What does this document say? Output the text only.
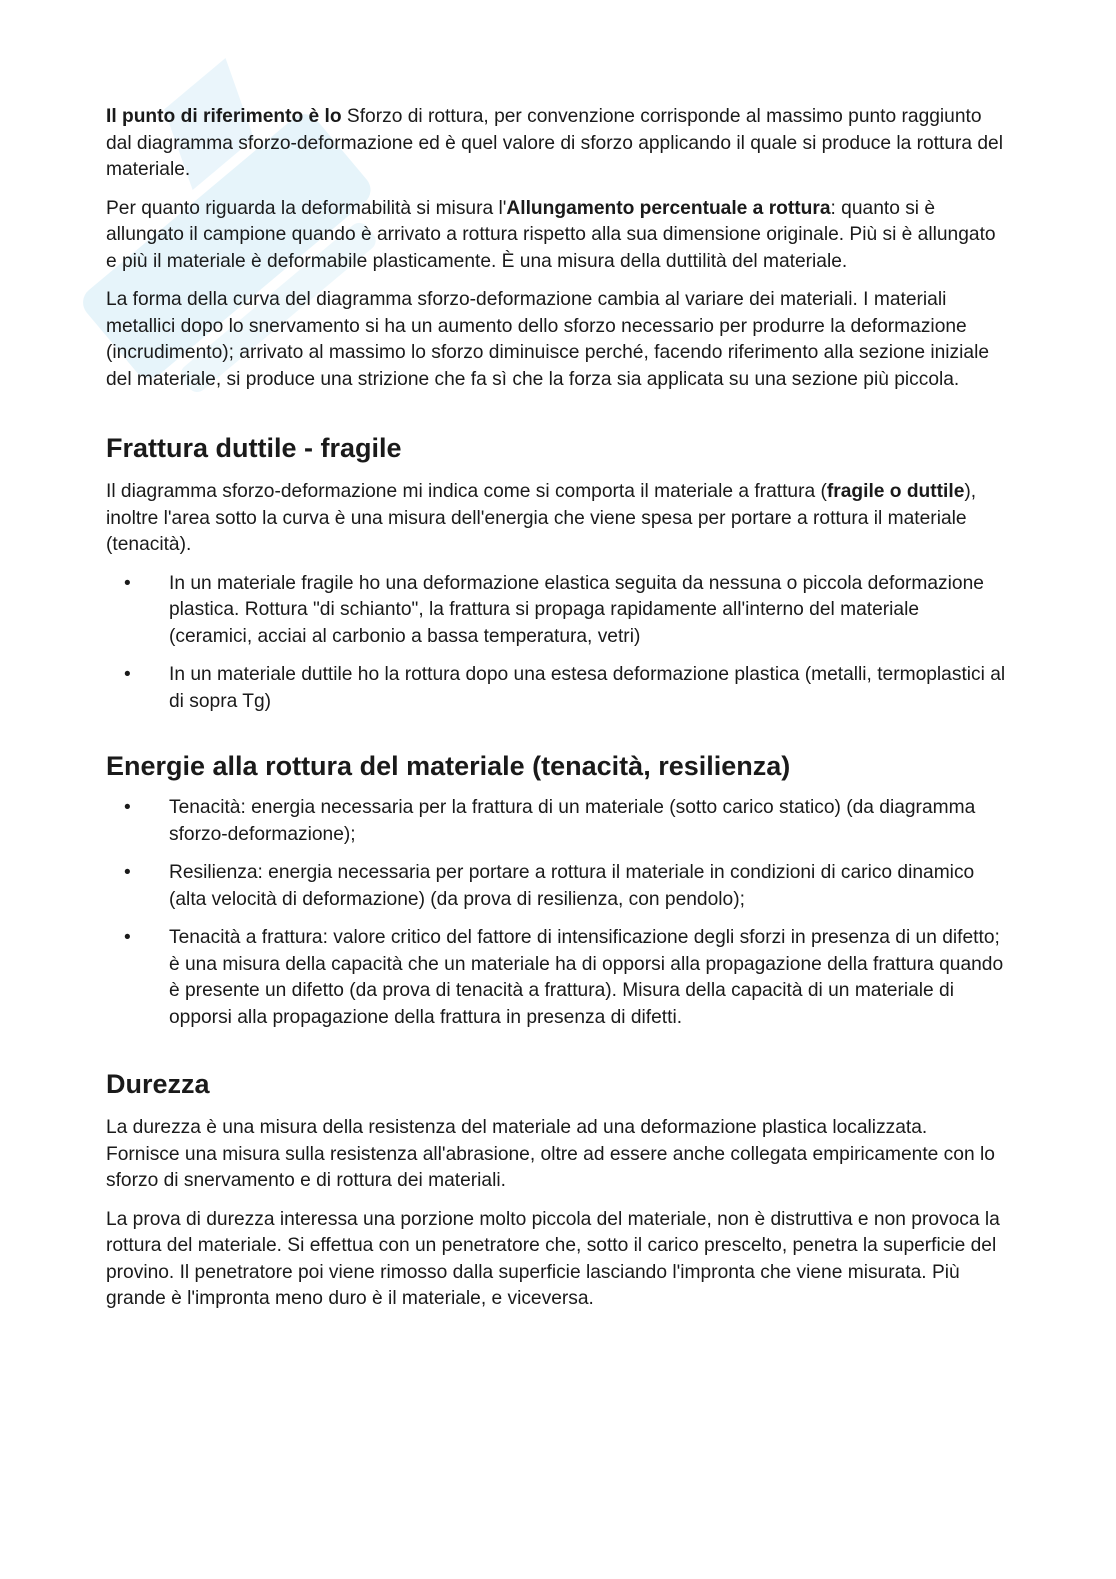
Il punto di riferimento è lo Sforzo di rottura, per convenzione corrisponde al massimo punto raggiunto dal diagramma sforzo-deformazione ed è quel valore di sforzo applicando il quale si produce la rottura del materiale.

Per quanto riguarda la deformabilità si misura l'Allungamento percentuale a rottura: quanto si è allungato il campione quando è arrivato a rottura rispetto alla sua dimensione originale. Più si è allungato e più il materiale è deformabile plasticamente. È una misura della duttilità del materiale.

La forma della curva del diagramma sforzo-deformazione cambia al variare dei materiali. I materiali metallici dopo lo snervamento si ha un aumento dello sforzo necessario per produrre la deformazione (incrudimento); arrivato al massimo lo sforzo diminuisce perché, facendo riferimento alla sezione iniziale del materiale, si produce una strizione che fa sì che la forza sia applicata su una sezione più piccola.

Frattura duttile - fragile

Il diagramma sforzo-deformazione mi indica come si comporta il materiale a frattura (fragile o duttile), inoltre l'area sotto la curva è una misura dell'energia che viene spesa per portare a rottura il materiale (tenacità).

• In un materiale fragile ho una deformazione elastica seguita da nessuna o piccola deformazione plastica. Rottura "di schianto", la frattura si propaga rapidamente all'interno del materiale (ceramici, acciai al carbonio a bassa temperatura, vetri)
• In un materiale duttile ho la rottura dopo una estesa deformazione plastica (metalli, termoplastici al di sopra Tg)
Energie alla rottura del materiale (tenacità, resilienza)
• Tenacità: energia necessaria per la frattura di un materiale (sotto carico statico) (da diagramma sforzo-deformazione);
• Resilienza: energia necessaria per portare a rottura il materiale in condizioni di carico dinamico (alta velocità di deformazione) (da prova di resilienza, con pendolo);
• Tenacità a frattura: valore critico del fattore di intensificazione degli sforzi in presenza di un difetto; è una misura della capacità che un materiale ha di opporsi alla propagazione della frattura quando è presente un difetto (da prova di tenacità a frattura). Misura della capacità di un materiale di opporsi alla propagazione della frattura in presenza di difetti.
Durezza

La durezza è una misura della resistenza del materiale ad una deformazione plastica localizzata. Fornisce una misura sulla resistenza all'abrasione, oltre ad essere anche collegata empiricamente con lo sforzo di snervamento e di rottura dei materiali.

La prova di durezza interessa una porzione molto piccola del materiale, non è distruttiva e non provoca la rottura del materiale. Si effettua con un penetratore che, sotto il carico prescelto, penetra la superficie del provino. Il penetratore poi viene rimosso dalla superficie lasciando l'impronta che viene misurata. Più grande è l'impronta meno duro è il materiale, e viceversa.
